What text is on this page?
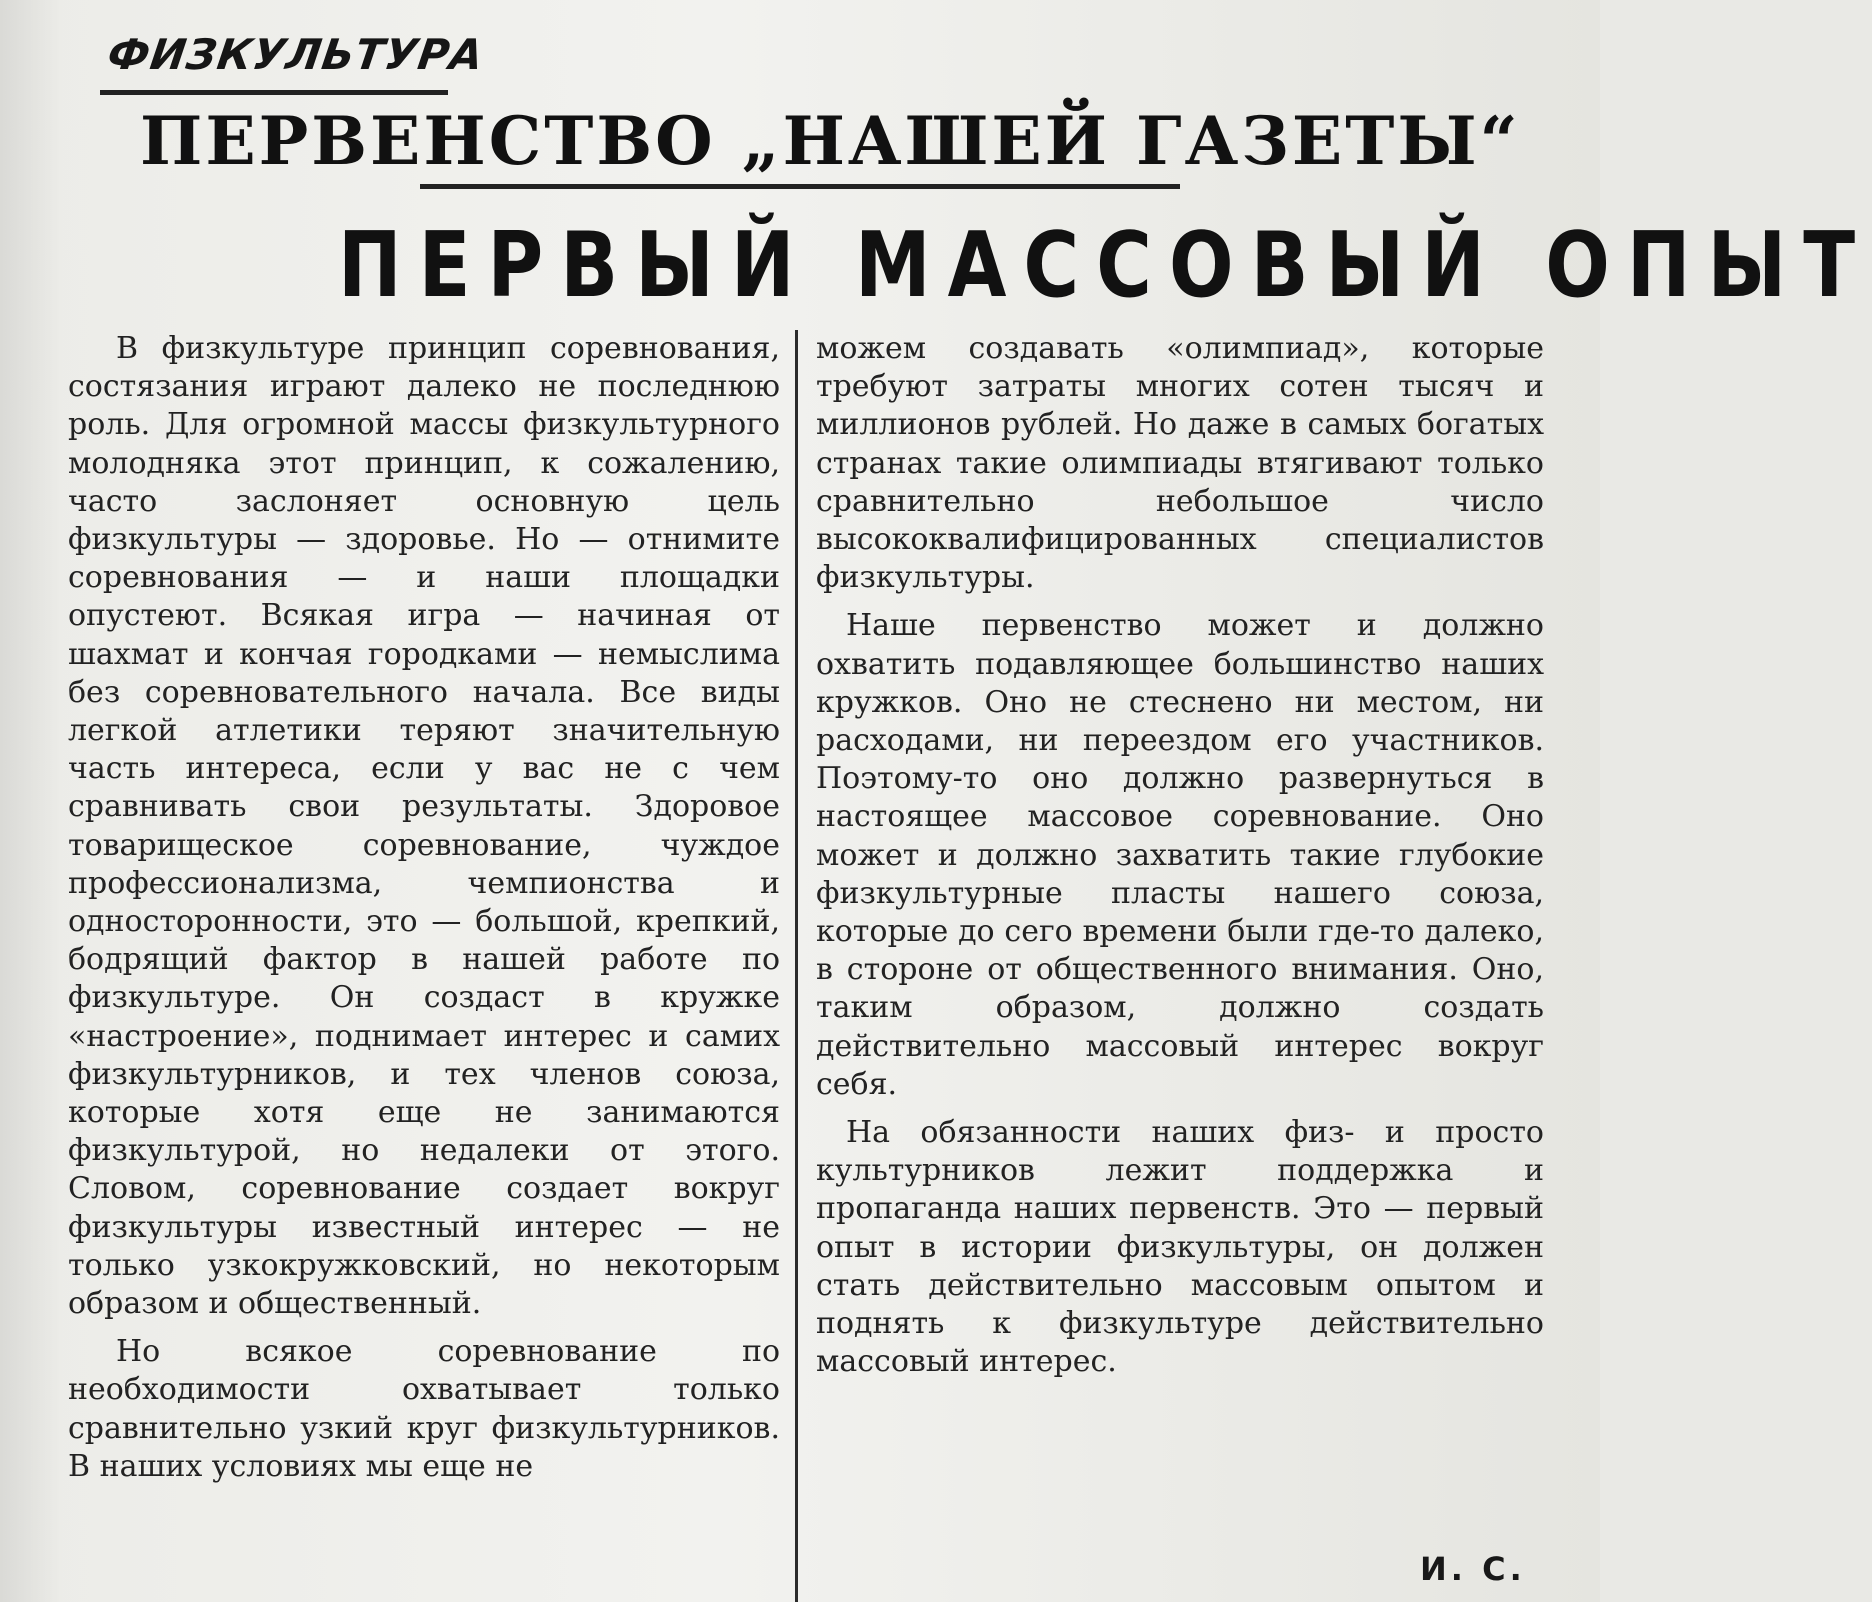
ФИЗКУЛЬТУРА
ПЕРВЕНСТВО „НАШЕЙ ГАЗЕТЫ“
ПЕРВЫЙ МАССОВЫЙ ОПЫТ

В физкультуре принцип соревнования, состязания играют далеко не последнюю роль. Для огромной массы физкультурного молодняка этот принцип, к сожалению, часто заслоняет основную цель физкультуры — здоровье. Но — отнимите соревнования — и наши площадки опустеют. Всякая игра — начиная от шахмат и кончая городками — немыслима без соревновательного начала. Все виды легкой атлетики теряют значительную часть интереса, если у вас не с чем сравнивать свои результаты. Здоровое товарищеское соревнование, чуждое профессионализма, чемпионства и односторонности, это — большой, крепкий, бодрящий фактор в нашей работе по физкультуре. Он создаст в кружке «настроение», поднимает интерес и самих физкультурников, и тех членов союза, которые хотя еще не занимаются физкультурой, но недалеки от этого. Словом, соревнование создает вокруг физкультуры известный интерес — не только узкокружковский, но некоторым образом и общественный.

Но всякое соревнование по необходимости охватывает только сравнительно узкий круг физкультурников. В наших условиях мы еще не

можем создавать «олимпиад», которые требуют затраты многих сотен тысяч и миллионов рублей. Но даже в самых богатых странах такие олимпиады втягивают только сравнительно небольшое число высококвалифицированных специалистов физкультуры.

Наше первенство может и должно охватить подавляющее большинство наших кружков. Оно не стеснено ни местом, ни расходами, ни переездом его участников. Поэтому-то оно должно развернуться в настоящее массовое соревнование. Оно может и должно захватить такие глубокие физкультурные пласты нашего союза, которые до сего времени были где-то далеко, в стороне от общественного внимания. Оно, таким образом, должно создать действительно массовый интерес вокруг себя.

На обязанности наших физ- и просто культурников лежит поддержка и пропаганда наших первенств. Это — первый опыт в истории физкультуры, он должен стать действительно массовым опытом и поднять к физкультуре действительно массовый интерес.

И. С.
